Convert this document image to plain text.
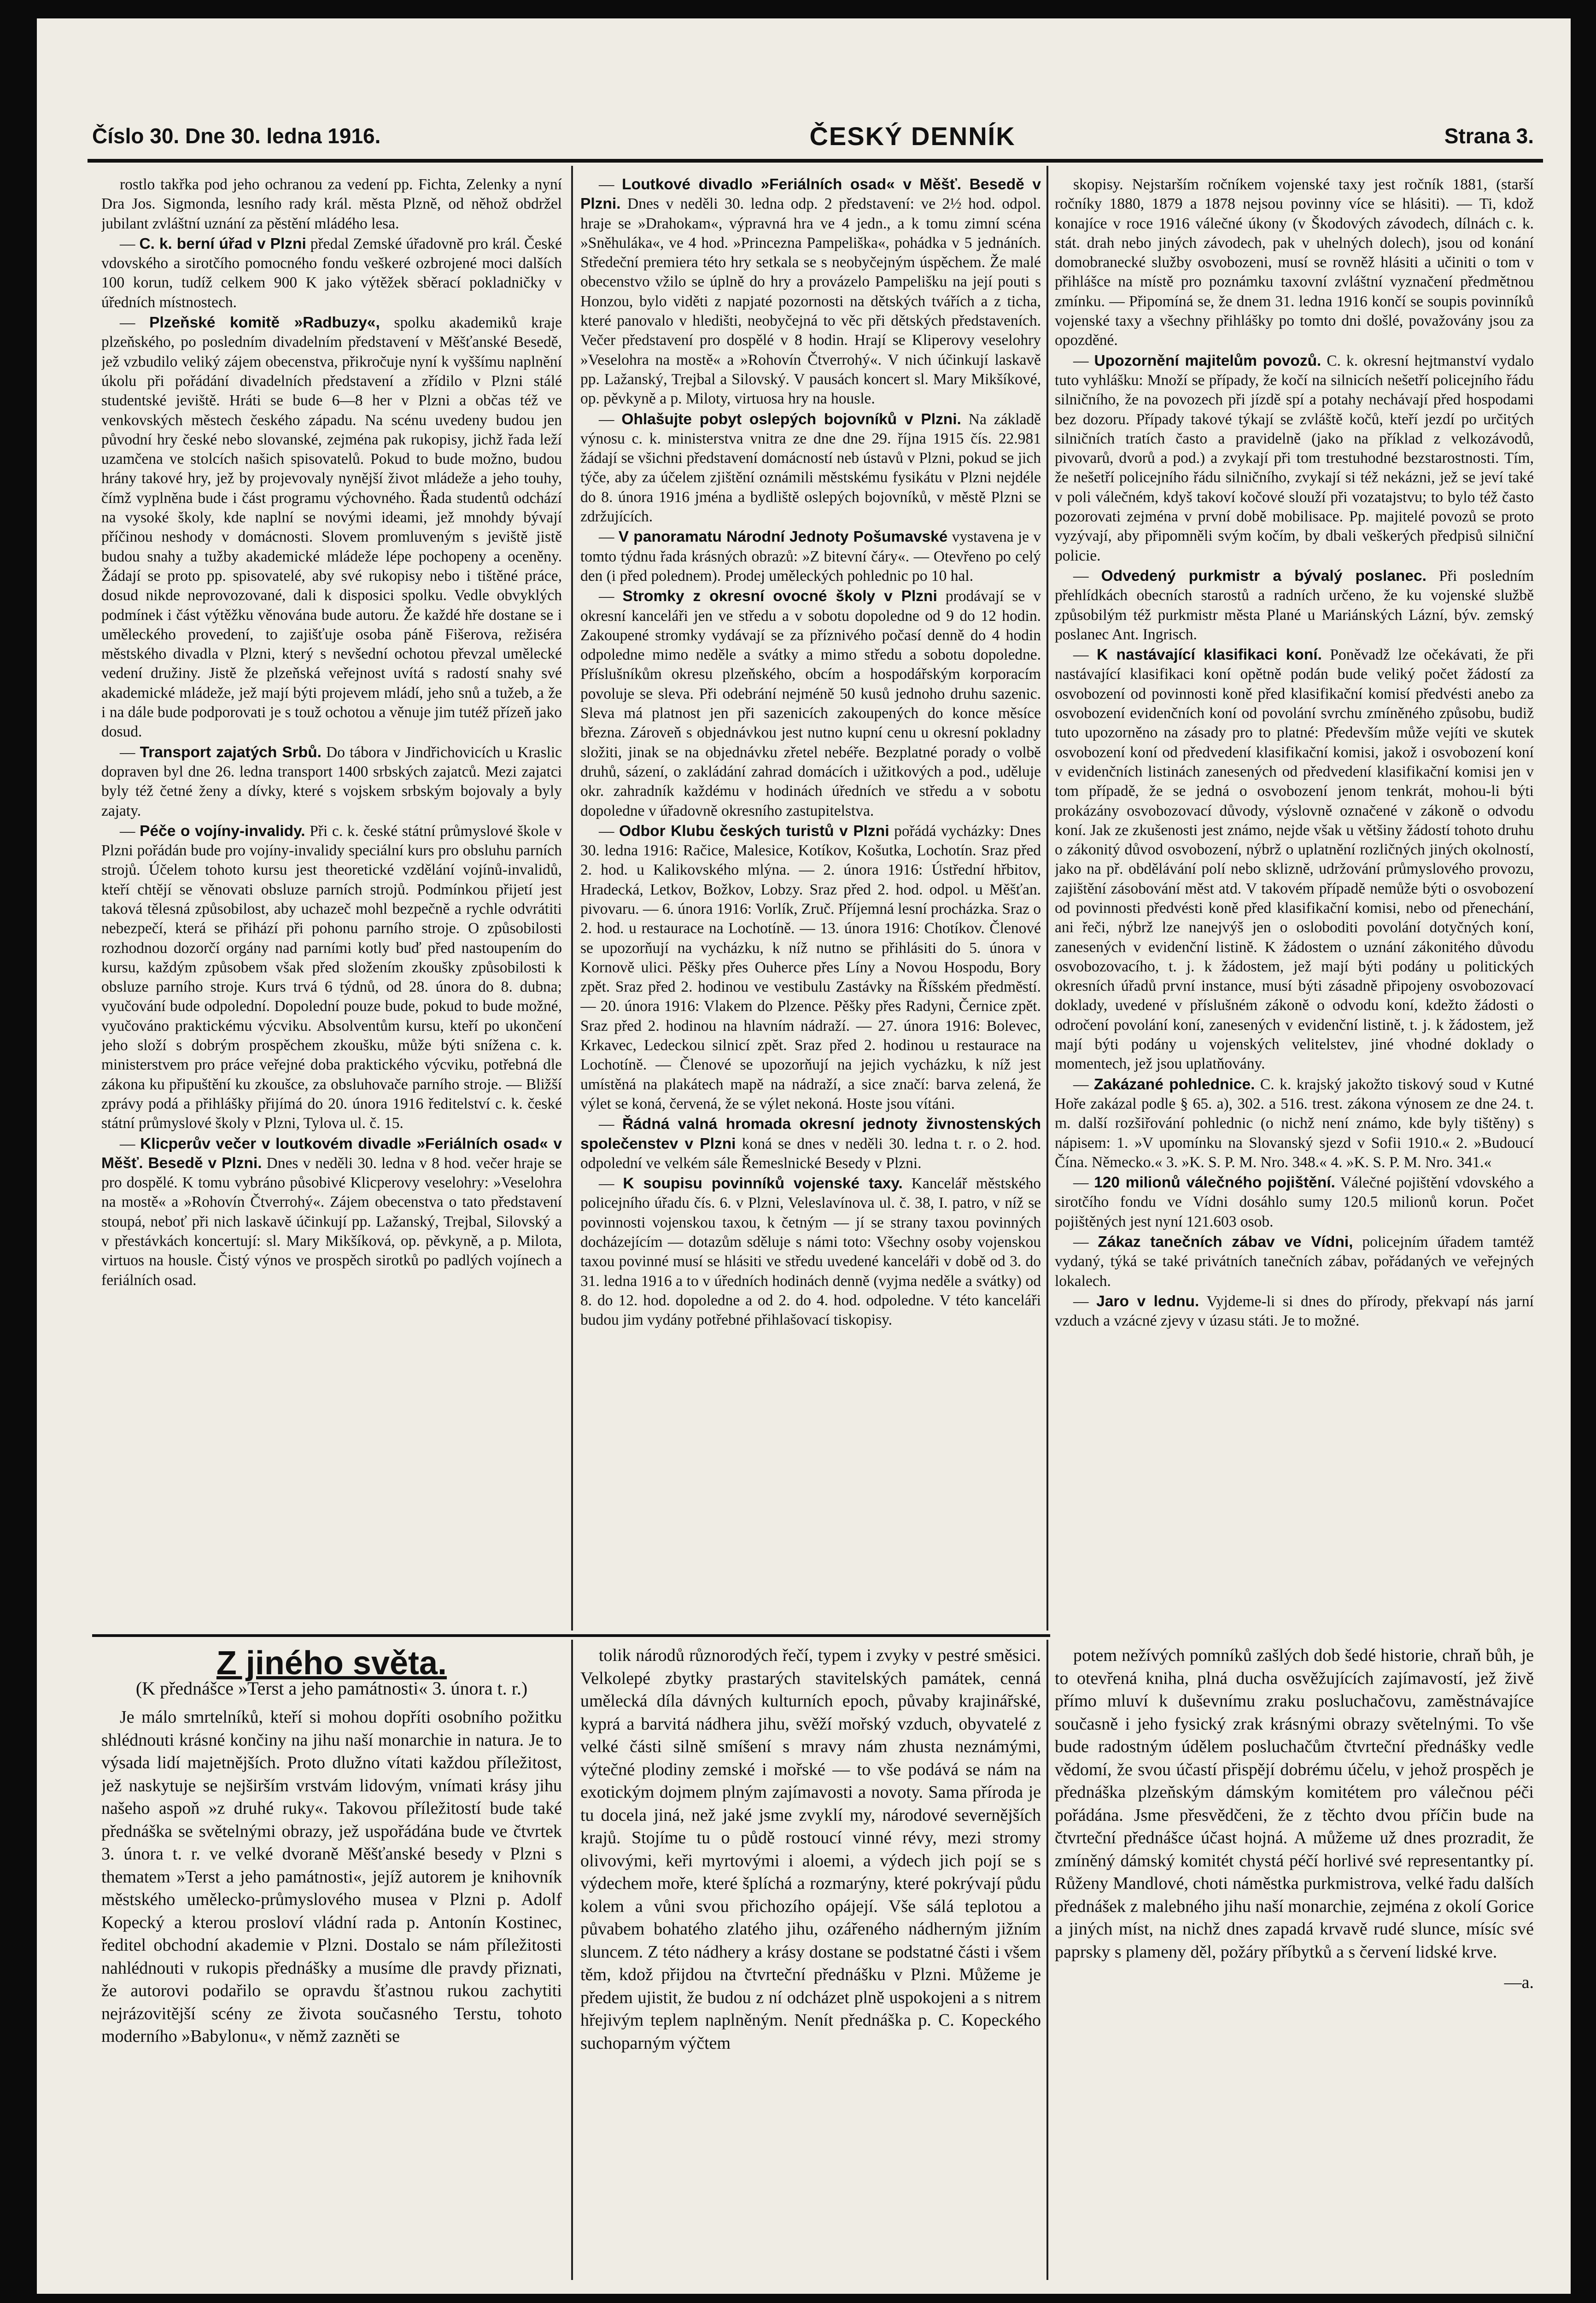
Číslo 30. Dne 30. ledna 1916.	ČESKÝ DENNÍK	Strana 3.

rostlo takřka pod jeho ochranou za vedení pp. Fichta, Zelenky a nyní Dra Jos. Sigmonda, lesního rady král. města Plzně, od něhož obdržel jubilant zvláštní uznání za pěstění mládého lesa.

— C. k. berní úřad v Plzni předal Zemské úřadovně pro král. České vdovského a sirotčího pomocného fondu veškeré ozbrojené moci dalších 100 korun, tudíž celkem 900 K jako výtěžek sběrací pokladničky v úředních místnostech.

— Plzeňské komitě »Radbuzy«, spolku akademiků kraje plzeňského, po posledním divadelním představení v Měšťanské Besedě, jež vzbudilo veliký zájem obecenstva, přikročuje nyní k vyššímu naplnění úkolu při pořádání divadelních představení a zřídilo v Plzni stálé studentské jeviště. Hráti se bude 6—8 her v Plzni a občas též ve venkovských městech českého západu. Na scénu uvedeny budou jen původní hry české nebo slovanské, zejména pak rukopisy, jichž řada leží uzamčena ve stolcích našich spisovatelů. Pokud to bude možno, budou hrány takové hry, jež by projevovaly nynější život mládeže a jeho touhy, čímž vyplněna bude i část programu výchovného. Řada studentů odchází na vysoké školy, kde naplní se novými ideami, jež mnohdy bývají příčinou neshody v domácnosti. Slovem promluveným s jeviště jistě budou snahy a tužby akademické mládeže lépe pochopeny a oceněny. Žádají se proto pp. spisovatelé, aby své rukopisy nebo i tištěné práce, dosud nikde neprovozované, dali k disposici spolku. Vedle obvyklých podmínek i část výtěžku věnována bude autoru. Že každé hře dostane se i uměleckého provedení, to zajišťuje osoba páně Fišerova, režiséra městského divadla v Plzni, který s nevšední ochotou převzal umělecké vedení družiny. Jistě že plzeňská veřejnost uvítá s radostí snahy své akademické mládeže, jež mají býti projevem mládí, jeho snů a tužeb, a že i na dále bude podporovati je s touž ochotou a věnuje jim tutéž přízeň jako dosud.

— Transport zajatých Srbů. Do tábora v Jindřichovicích u Kraslic dopraven byl dne 26. ledna transport 1400 srbských zajatců. Mezi zajatci byly též četné ženy a dívky, které s vojskem srbským bojovaly a byly zajaty.

— Péče o vojíny-invalidy. Při c. k. české státní průmyslové škole v Plzni pořádán bude pro vojíny-invalidy speciální kurs pro obsluhu parních strojů. Účelem tohoto kursu jest theoretické vzdělání vojínů-invalidů, kteří chtějí se věnovati obsluze parních strojů. Podmínkou přijetí jest taková tělesná způsobilost, aby uchazeč mohl bezpečně a rychle odvrátiti nebezpečí, která se přihází při pohonu parního stroje. O způsobilosti rozhodnou dozorčí orgány nad parními kotly buď před nastoupením do kursu, každým způsobem však před složením zkoušky způsobilosti k obsluze parního stroje. Kurs trvá 6 týdnů, od 28. února do 8. dubna; vyučování bude odpolední. Dopolední pouze bude, pokud to bude možné, vyučováno praktickému výcviku. Absolventům kursu, kteří po ukončení jeho složí s dobrým prospěchem zkoušku, může býti snížena c. k. ministerstvem pro práce veřejné doba praktického výcviku, potřebná dle zákona ku připuštění ku zkoušce, za obsluhovače parního stroje. — Bližší zprávy podá a přihlášky přijímá do 20. února 1916 ředitelství c. k. české státní průmyslové školy v Plzni, Tylova ul. č. 15.

— Klicperův večer v loutkovém divadle »Feriálních osad« v Měšť. Besedě v Plzni. Dnes v neděli 30. ledna v 8 hod. večer hraje se pro dospělé. K tomu vybráno působivé Klicperovy veselohry: »Veselohra na mostě« a »Rohovín Čtverrohý«. Zájem obecenstva o tato představení stoupá, neboť při nich laskavě účinkují pp. Lažanský, Trejbal, Silovský a v přestávkách koncertují: sl. Mary Mikšíková, op. pěvkyně, a p. Milota, virtuos na housle. Čistý výnos ve prospěch sirotků po padlých vojínech a feriálních osad.

— Loutkové divadlo »Feriálních osad« v Měšť. Besedě v Plzni. Dnes v neděli 30. ledna odp. 2 představení: ve 2½ hod. odpol. hraje se »Drahokam«, výpravná hra ve 4 jedn., a k tomu zimní scéna »Sněhuláka«, ve 4 hod. »Princezna Pampeliška«, pohádka v 5 jednáních. Středeční premiera této hry setkala se s neobyčejným úspěchem. Že malé obecenstvo vžilo se úplně do hry a provázelo Pampelišku na její pouti s Honzou, bylo viděti z napjaté pozornosti na dětských tvářích a z ticha, které panovalo v hledišti, neobyčejná to věc při dětských představeních. Večer představení pro dospělé v 8 hodin. Hrají se Kliperovy veselohry »Veselohra na mostě« a »Rohovín Čtverrohý«. V nich účinkují laskavě pp. Lažanský, Trejbal a Silovský. V pausách koncert sl. Mary Mikšíkové, op. pěvkyně a p. Miloty, virtuosa hry na housle.

— Ohlašujte pobyt oslepých bojovníků v Plzni. Na základě výnosu c. k. ministerstva vnitra ze dne dne 29. října 1915 čís. 22.981 žádají se všichni představení domácností neb ústavů v Plzni, pokud se jich týče, aby za účelem zjištění oznámili městskému fysikátu v Plzni nejdéle do 8. února 1916 jména a bydliště oslepých bojovníků, v městě Plzni se zdržujících.

— V panoramatu Národní Jednoty Pošumavské vystavena je v tomto týdnu řada krásných obrazů: »Z bitevní čáry«. — Otevřeno po celý den (i před polednem). Prodej uměleckých pohlednic po 10 hal.

— Stromky z okresní ovocné školy v Plzni prodávají se v okresní kanceláři jen ve středu a v sobotu dopoledne od 9 do 12 hodin. Zakoupené stromky vydávají se za příznivého počasí denně do 4 hodin odpoledne mimo neděle a svátky a mimo středu a sobotu dopoledne. Příslušníkům okresu plzeňského, obcím a hospodářským korporacím povoluje se sleva. Při odebrání nejméně 50 kusů jednoho druhu sazenic. Sleva má platnost jen při sazenicích zakoupených do konce měsíce března. Zároveň s objednávkou jest nutno kupní cenu u okresní pokladny složiti, jinak se na objednávku zřetel nebéře. Bezplatné porady o volbě druhů, sázení, o zakládání zahrad domácích i užitkových a pod., uděluje okr. zahradník každému v hodinách úředních ve středu a v sobotu dopoledne v úřadovně okresního zastupitelstva.

— Odbor Klubu českých turistů v Plzni pořádá vycházky: Dnes 30. ledna 1916: Račice, Malesice, Kotíkov, Košutka, Lochotín. Sraz před 2. hod. u Kalikovského mlýna. — 2. února 1916: Ústřední hřbitov, Hradecká, Letkov, Božkov, Lobzy. Sraz před 2. hod. odpol. u Měšťan. pivovaru. — 6. února 1916: Vorlík, Zruč. Příjemná lesní procházka. Sraz o 2. hod. u restaurace na Lochotíně. — 13. února 1916: Chotíkov. Členové se upozorňují na vycházku, k níž nutno se přihlásiti do 5. února v Kornově ulici. Pěšky přes Ouherce přes Líny a Novou Hospodu, Bory zpět. Sraz před 2. hodinou ve vestibulu Zastávky na Říšském předměstí. — 20. února 1916: Vlakem do Plzence. Pěšky přes Radyni, Černice zpět. Sraz před 2. hodinou na hlavním nádraží. — 27. února 1916: Bolevec, Krkavec, Ledeckou silnicí zpět. Sraz před 2. hodinou u restaurace na Lochotíně. — Členové se upozorňují na jejich vycházku, k níž jest umístěná na plakátech mapě na nádraží, a sice značí: barva zelená, že výlet se koná, červená, že se výlet nekoná. Hoste jsou vítáni.

— Řádná valná hromada okresní jednoty živnostenských společenstev v Plzni koná se dnes v neděli 30. ledna t. r. o 2. hod. odpolední ve velkém sále Řemeslnické Besedy v Plzni.

— K soupisu povinníků vojenské taxy. Kancelář městského policejního úřadu čís. 6. v Plzni, Veleslavínova ul. č. 38, I. patro, v níž se povinnosti vojenskou taxou, k četným — jí se strany taxou povinných docházejícím — dotazům sděluje s námi toto: Všechny osoby vojenskou taxou povinné musí se hlásiti ve středu uvedené kanceláři v době od 3. do 31. ledna 1916 a to v úředních hodinách denně (vyjma neděle a svátky) od 8. do 12. hod. dopoledne a od 2. do 4. hod. odpoledne. V této kanceláři budou jim vydány potřebné přihlašovací tiskopisy.

skopisy. Nejstarším ročníkem vojenské taxy jest ročník 1881, (starší ročníky 1880, 1879 a 1878 nejsou povinny více se hlásiti). — Ti, kdož konajíce v roce 1916 válečné úkony (v Škodových závodech, dílnách c. k. stát. drah nebo jiných závodech, pak v uhelných dolech), jsou od konání domobranecké služby osvobozeni, musí se rovněž hlásiti a učiniti o tom v přihlášce na místě pro poznámku taxovní zvláštní vyznačení předmětnou zmínku. — Připomíná se, že dnem 31. ledna 1916 končí se soupis povinníků vojenské taxy a všechny přihlášky po tomto dni došlé, považovány jsou za opozděné.

— Upozornění majitelům povozů. C. k. okresní hejtmanství vydalo tuto vyhlášku: Množí se případy, že kočí na silnicích nešetří policejního řádu silničního, že na povozech při jízdě spí a potahy nechávají před hospodami bez dozoru. Případy takové týkají se zvláště kočů, kteří jezdí po určitých silničních tratích často a pravidelně (jako na příklad z velkozávodů, pivovarů, dvorů a pod.) a zvykají při tom trestuhodné bezstarostnosti. Tím, že nešetří policejního řádu silničního, zvykají si též nekázni, jež se jeví také v poli válečném, kdyš takoví kočové slouží při vozatajstvu; to bylo též často pozorovati zejména v první době mobilisace. Pp. majitelé povozů se proto vyzývají, aby připomněli svým kočím, by dbali veškerých předpisů silniční policie.

— Odvedený purkmistr a bývalý poslanec. Při posledním přehlídkách obecních starostů a radních určeno, že ku vojenské službě způsobilým též purkmistr města Plané u Mariánských Lázní, býv. zemský poslanec Ant. Ingrisch.

— K nastávající klasifikaci koní. Poněvadž lze očekávati, že při nastávající klasifikaci koní opětně podán bude veliký počet žádostí za osvobození od povinnosti koně před klasifikační komisí předvésti anebo za osvobození evidenčních koní od povolání svrchu zmíněného způsobu, budiž tuto upozorněno na zásady pro to platné: Především může vejíti ve skutek osvobození koní od předvedení klasifikační komisi, jakož i osvobození koní v evidenčních listinách zanesených od předvedení klasifikační komisi jen v tom případě, že se jedná o osvobození jenom tenkrát, mohou-li býti prokázány osvobozovací důvody, výslovně označené v zákoně o odvodu koní. Jak ze zkušenosti jest známo, nejde však u většiny žádostí tohoto druhu o zákonitý důvod osvobození, nýbrž o uplatnění rozličných jiných okolností, jako na př. obdělávání polí nebo sklizně, udržování průmyslového provozu, zajištění zásobování měst atd. V takovém případě nemůže býti o osvobození od povinnosti předvésti koně před klasifikační komisi, nebo od přenechání, ani řeči, nýbrž lze nanejvýš jen o osloboditi povolání dotyčných koní, zanesených v evidenční listině. K žádostem o uznání zákonitého důvodu osvobozovacího, t. j. k žádostem, jež mají býti podány u politických okresních úřadů první instance, musí býti zásadně připojeny osvobozovací doklady, uvedené v příslušném zákoně o odvodu koní, kdežto žádosti o odročení povolání koní, zanesených v evidenční listině, t. j. k žádostem, jež mají býti podány u vojenských velitelstev, jiné vhodné doklady o momentech, jež jsou uplatňovány.

— Zakázané pohlednice. C. k. krajský jakožto tiskový soud v Kutné Hoře zakázal podle § 65. a), 302. a 516. trest. zákona výnosem ze dne 24. t. m. další rozšiřování pohlednic (o nichž není známo, kde byly tištěny) s nápisem: 1. »V upomínku na Slovanský sjezd v Sofii 1910.« 2. »Budoucí Čína. Německo.« 3. »K. S. P. M. Nro. 348.« 4. »K. S. P. M. Nro. 341.«

— 120 milionů válečného pojištění. Válečné pojištění vdovského a sirotčího fondu ve Vídni dosáhlo sumy 120.5 milionů korun. Počet pojištěných jest nyní 121.603 osob.

— Zákaz tanečních zábav ve Vídni, policejním úřadem tamtéž vydaný, týká se také privátních tanečních zábav, pořádaných ve veřejných lokalech.

— Jaro v lednu. Vyjdeme-li si dnes do přírody, překvapí nás jarní vzduch a vzácné zjevy v úzasu státi. Je to možné.

Z jiného světa.
(K přednášce »Terst a jeho památnosti« 3. února t. r.)

Je málo smrtelníků, kteří si mohou dopříti osobního požitku shlédnouti krásné končiny na jihu naší monarchie in natura. Je to výsada lidí majetnějších. Proto dlužno vítati každou příležitost, jež naskytuje se nejširším vrstvám lidovým, vnímati krásy jihu našeho aspoň »z druhé ruky«. Takovou příležitostí bude také přednáška se světelnými obrazy, jež uspořádána bude ve čtvrtek 3. února t. r. ve velké dvoraně Měšťanské besedy v Plzni s thematem »Terst a jeho památnosti«, jejíž autorem je knihovník městského umělecko-průmyslového musea v Plzni p. Adolf Kopecký a kterou prosloví vládní rada p. Antonín Kostinec, ředitel obchodní akademie v Plzni. Dostalo se nám příležitosti nahlédnouti v rukopis přednášky a musíme dle pravdy přiznati, že autorovi podařilo se opravdu šťastnou rukou zachytiti nejrázovitější scény ze života současného Terstu, tohoto moderního »Babylonu«, v němž zazněti se

tolik národů různorodých řečí, typem i zvyky v pestré směsici. Velkolepé zbytky prastarých stavitelských památek, cenná umělecká díla dávných kulturních epoch, půvaby krajinářské, kyprá a barvitá nádhera jihu, svěží mořský vzduch, obyvatelé z velké části silně smíšení s mravy nám zhusta neznámými, výtečné plodiny zemské i mořské — to vše podává se nám na exotickým dojmem plným zajímavosti a novoty. Sama příroda je tu docela jiná, než jaké jsme zvyklí my, národové severnějších krajů. Stojíme tu o půdě rostoucí vinné révy, mezi stromy olivovými, keři myrtovými i aloemi, a výdech jich pojí se s výdechem moře, které šplíchá a rozmarýny, které pokrývají půdu kolem a vůni svou přichozího opájejí. Vše sálá teplotou a půvabem bohatého zlatého jihu, ozářeného nádherným jižním sluncem. Z této nádhery a krásy dostane se podstatné části i všem těm, kdož přijdou na čtvrteční přednášku v Plzni. Můžeme je předem ujistit, že budou z ní odcházet plně uspokojeni a s nitrem hřejivým teplem naplněným. Nenít přednáška p. C. Kopeckého suchoparným výčtem

potem nežívých pomníků zašlých dob šedé historie, chraň bůh, je to otevřená kniha, plná ducha osvěžujících zajímavostí, jež živě přímo mluví k duševnímu zraku posluchačovu, zaměstnávajíce současně i jeho fysický zrak krásnými obrazy světelnými. To vše bude radostným údělem posluchačům čtvrteční přednášky vedle vědomí, že svou účastí přispějí dobrému účelu, v jehož prospěch je přednáška plzeňským dámským komitétem pro válečnou péči pořádána. Jsme přesvědčeni, že z těchto dvou příčin bude na čtvrteční přednášce účast hojná. A můžeme už dnes prozradit, že zmíněný dámský komitét chystá péčí horlivé své representantky pí. Růženy Mandlové, choti náměstka purkmistrova, velké řadu dalších přednášek z malebného jihu naší monarchie, zejména z okolí Gorice a jiných míst, na nichž dnes zapadá krvavě rudé slunce, mísíc své paprsky s plameny děl, požáry příbytků a s červení lidské krve.

—a.
